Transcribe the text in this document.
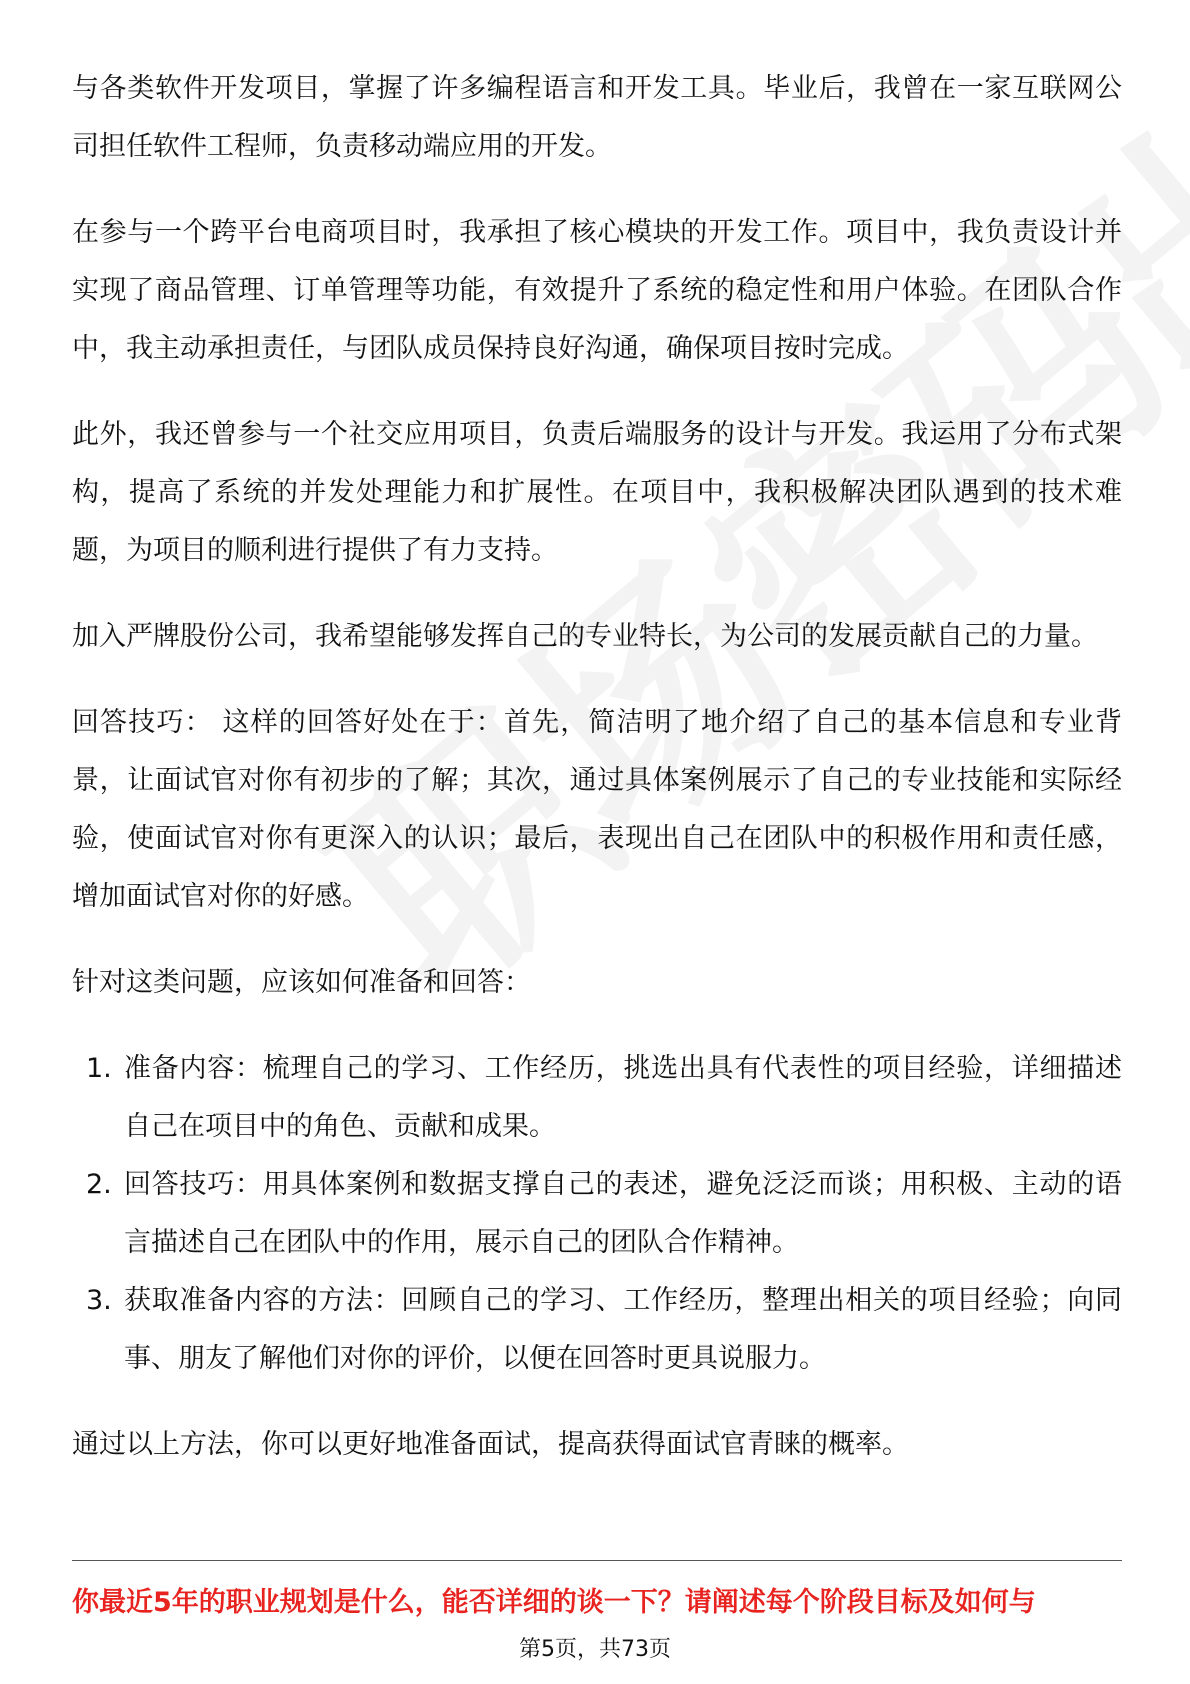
与各类软件开发项目，掌握了许多编程语言和开发工具。毕业后，我曾在一家互联网公司担任软件工程师，负责移动端应用的开发。

在参与一个跨平台电商项目时，我承担了核心模块的开发工作。项目中，我负责设计并实现了商品管理、订单管理等功能，有效提升了系统的稳定性和用户体验。在团队合作中，我主动承担责任，与团队成员保持良好沟通，确保项目按时完成。

此外，我还曾参与一个社交应用项目，负责后端服务的设计与开发。我运用了分布式架构，提高了系统的并发处理能力和扩展性。在项目中，我积极解决团队遇到的技术难题，为项目的顺利进行提供了有力支持。

加入严牌股份公司，我希望能够发挥自己的专业特长，为公司的发展贡献自己的力量。

回答技巧： 这样的回答好处在于：首先，简洁明了地介绍了自己的基本信息和专业背景，让面试官对你有初步的了解；其次，通过具体案例展示了自己的专业技能和实际经验，使面试官对你有更深入的认识；最后，表现出自己在团队中的积极作用和责任感，增加面试官对你的好感。

针对这类问题，应该如何准备和回答：

1. 准备内容：梳理自己的学习、工作经历，挑选出具有代表性的项目经验，详细描述自己在项目中的角色、贡献和成果。
2. 回答技巧：用具体案例和数据支撑自己的表述，避免泛泛而谈；用积极、主动的语言描述自己在团队中的作用，展示自己的团队合作精神。
3. 获取准备内容的方法：回顾自己的学习、工作经历，整理出相关的项目经验；向同事、朋友了解他们对你的评价，以便在回答时更具说服力。

通过以上方法，你可以更好地准备面试，提高获得面试官青睐的概率。

你最近5年的职业规划是什么，能否详细的谈一下？请阐述每个阶段目标及如何与
第5页，共73页
